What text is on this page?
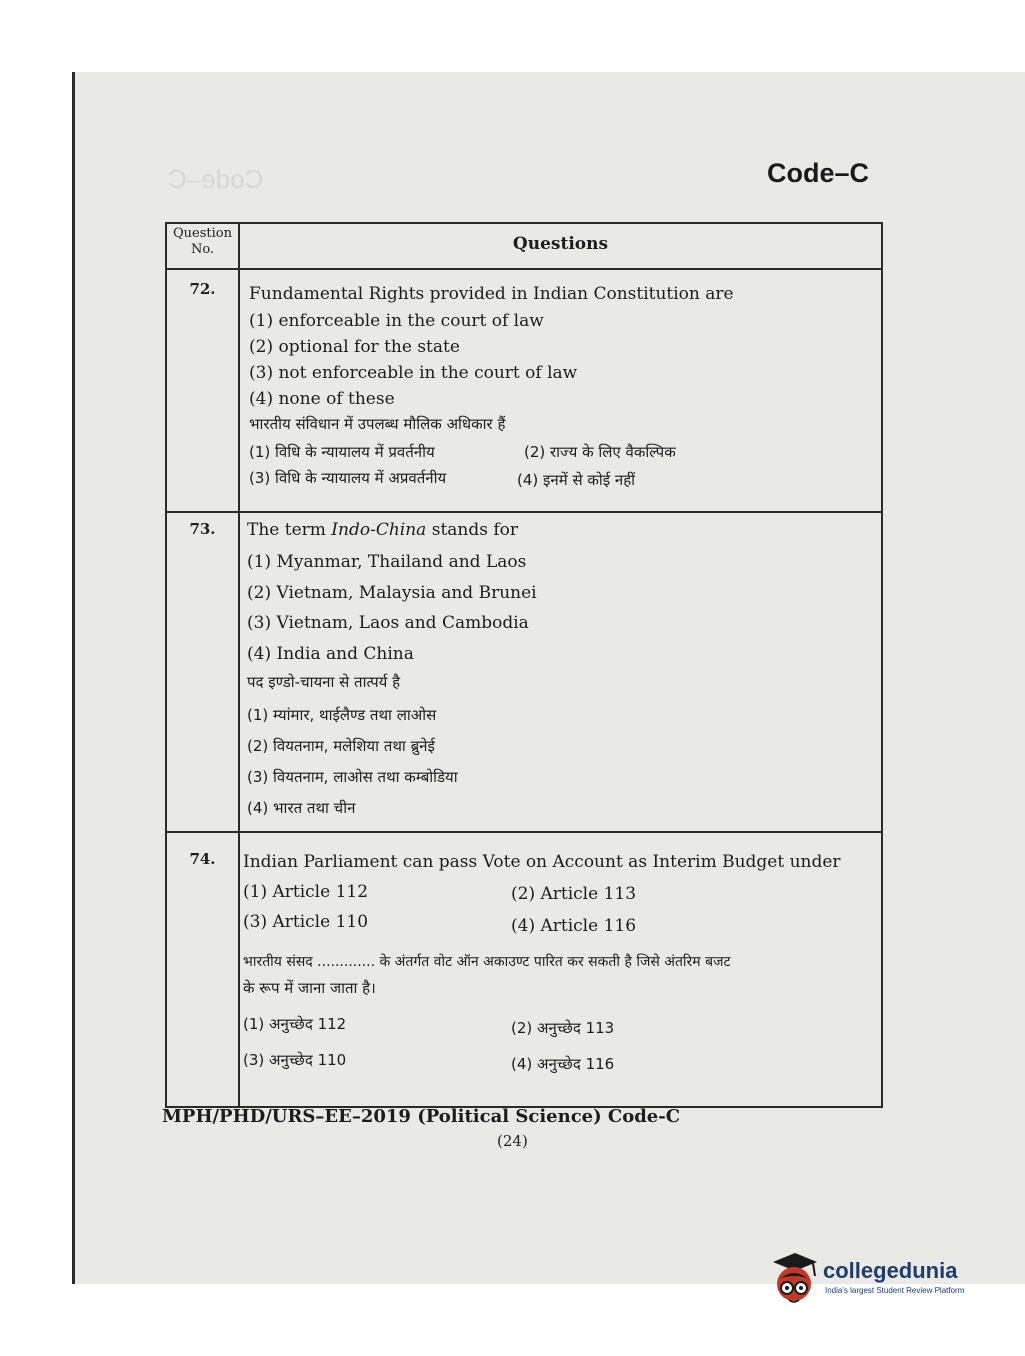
Code–C	Code–C
Question
No.	Questions
72.	Fundamental Rights provided in Indian Constitution are
(1) enforceable in the court of law
(2) optional for the state
(3) not enforceable in the court of law
(4) none of these
भारतीय संविधान में उपलब्ध मौलिक अधिकार हैं
(1) विधि के न्यायालय में प्रवर्तनीय	(2) राज्य के लिए वैकल्पिक
(3) विधि के न्यायालय में अप्रवर्तनीय	(4) इनमें से कोई नहीं
73.	The term Indo-China stands for
(1) Myanmar, Thailand and Laos
(2) Vietnam, Malaysia and Brunei
(3) Vietnam, Laos and Cambodia
(4) India and China
पद इण्डो-चायना से तात्पर्य है
(1) म्यांमार, थाईलैण्ड तथा लाओस
(2) वियतनाम, मलेशिया तथा ब्रुनेई
(3) वियतनाम, लाओस तथा कम्बोडिया
(4) भारत तथा चीन
74.	Indian Parliament can pass Vote on Account as Interim Budget under
(1) Article 112	(2) Article 113
(3) Article 110	(4) Article 116
भारतीय संसद ............. के अंतर्गत वोट ऑन अकाउण्ट पारित कर सकती है जिसे अंतरिम बजट
के रूप में जाना जाता है।
(1) अनुच्छेद 112	(2) अनुच्छेद 113
(3) अनुच्छेद 110	(4) अनुच्छेद 116
MPH/PHD/URS–EE–2019 (Political Science) Code-C
(24)
collegedunia
India's largest Student Review Platform
